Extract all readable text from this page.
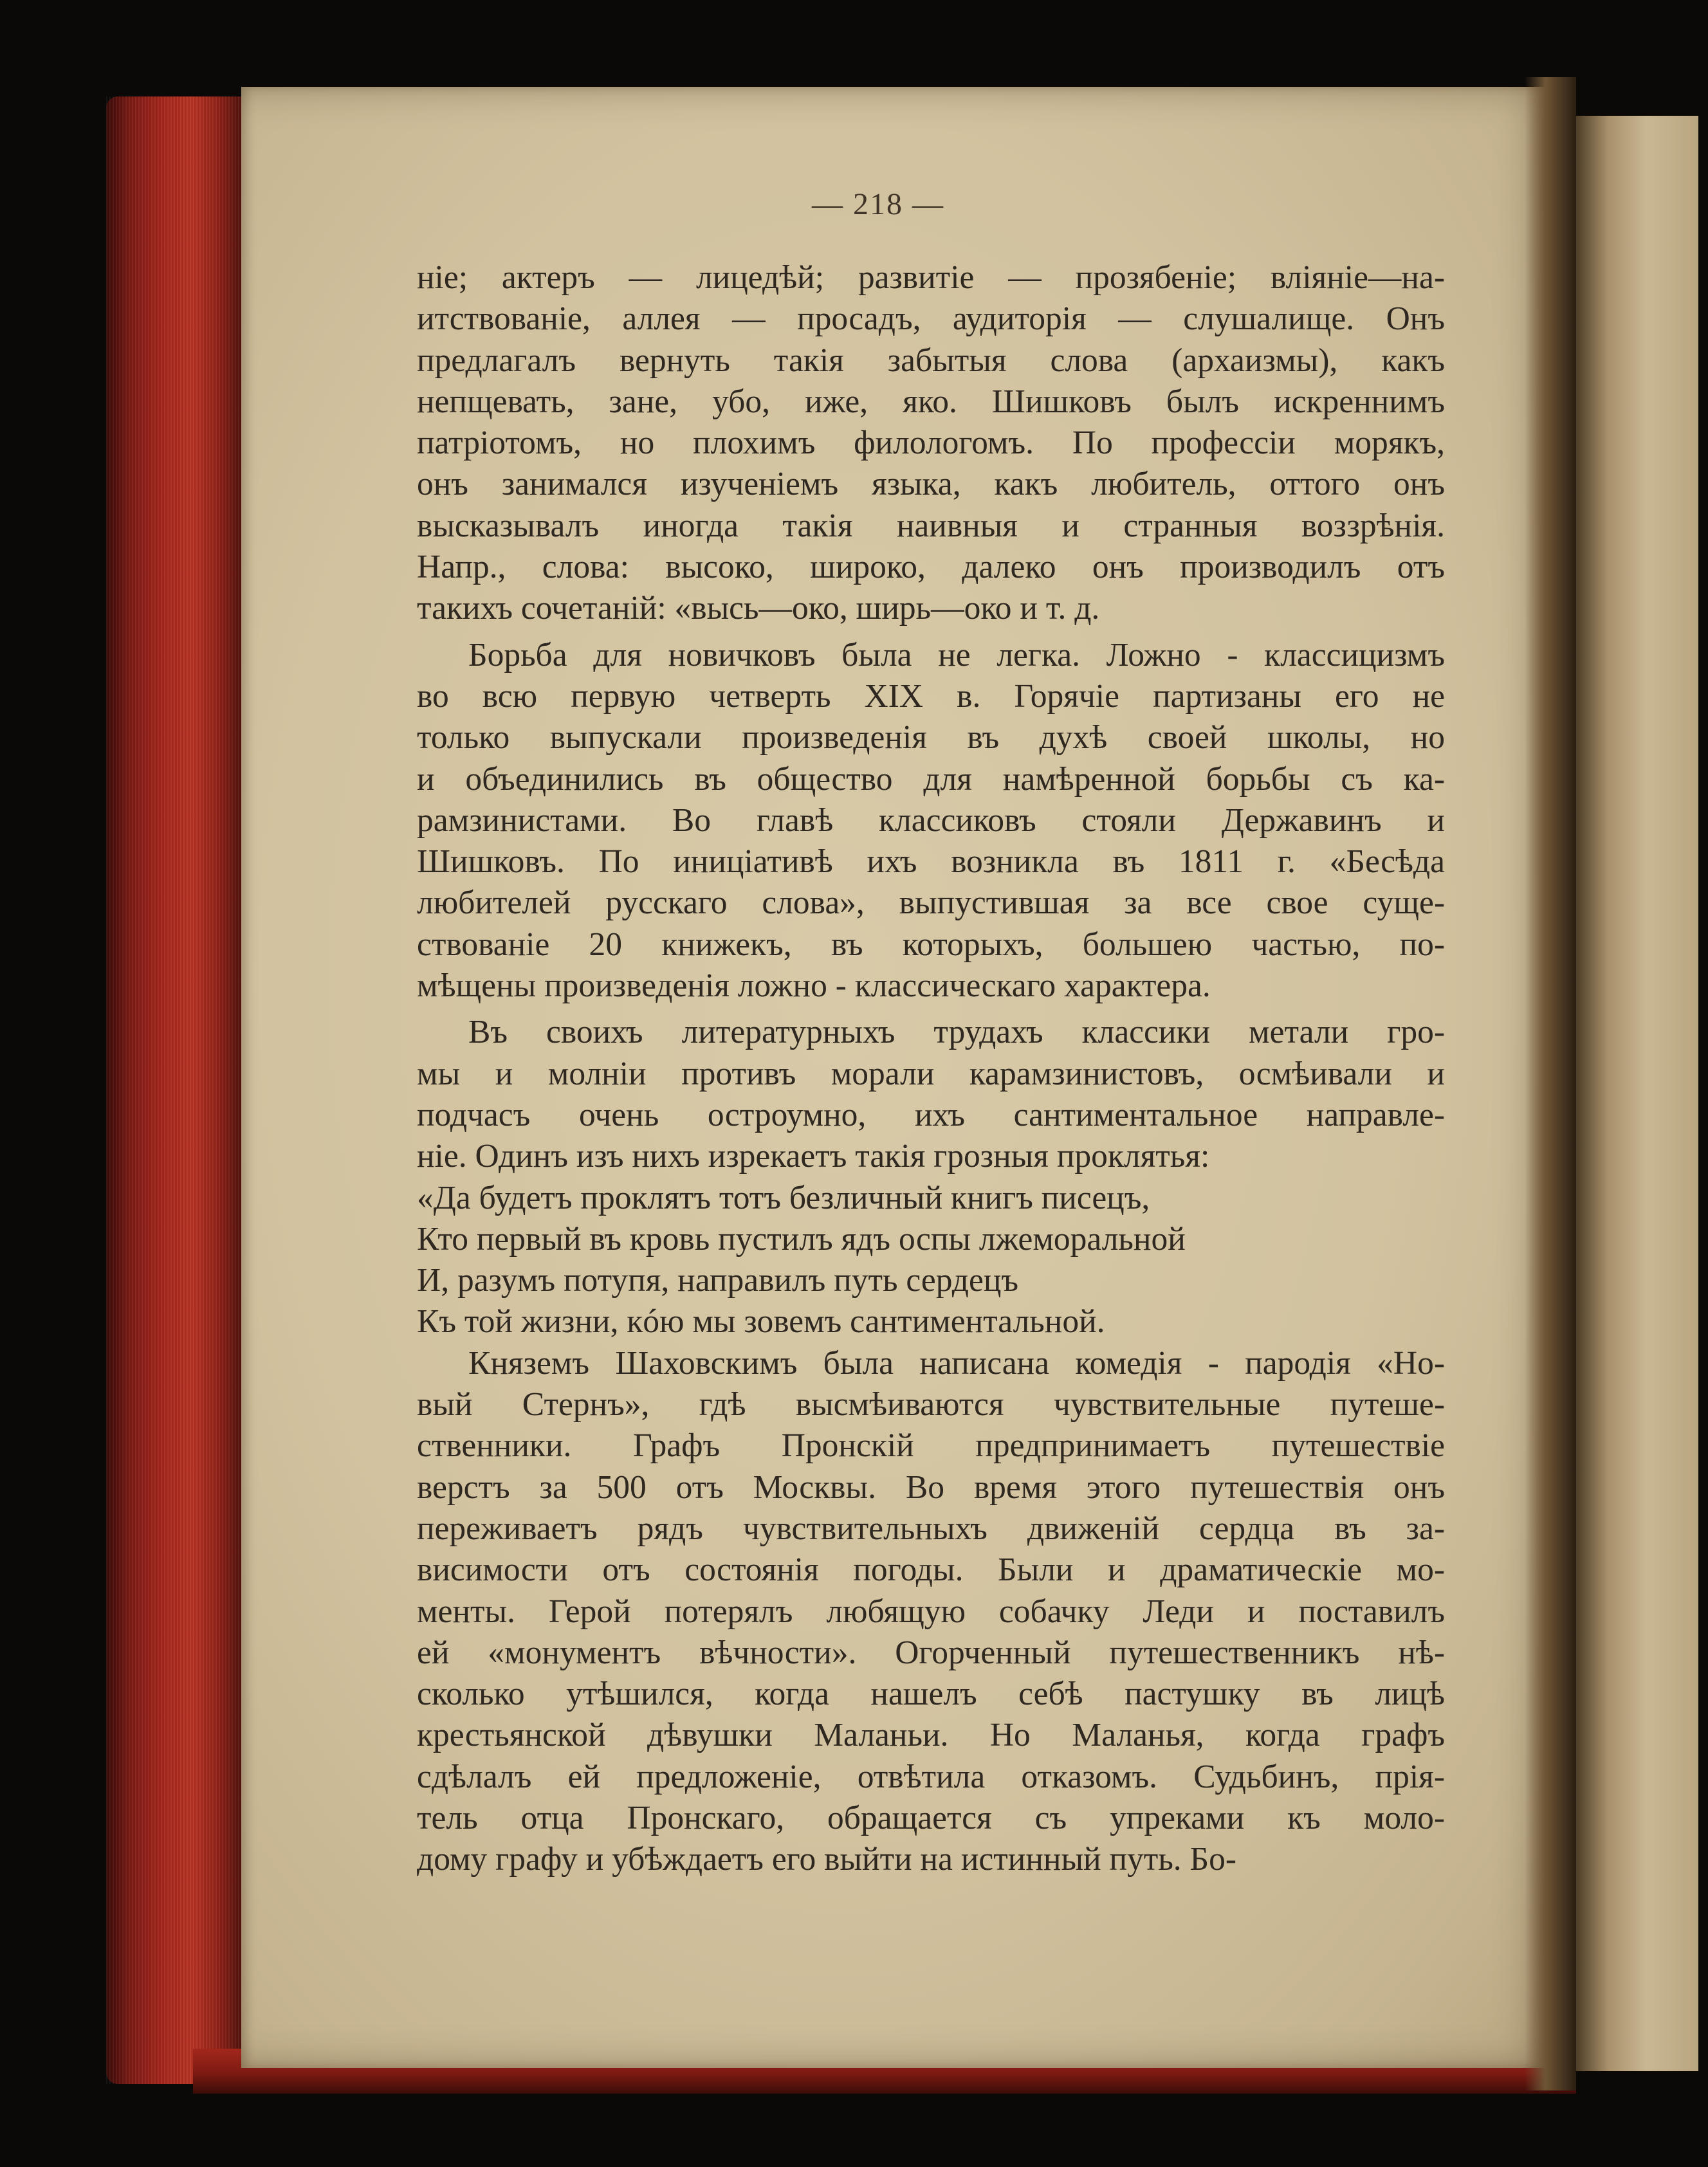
— 218 —
ніе; актеръ — лицедѣй; развитіе — прозябеніе; вліяніе—на-
итствованіе, аллея — просадъ, аудиторія — слушалище. Онъ
предлагалъ вернуть такія забытыя слова (архаизмы), какъ
непщевать, зане, убо, иже, яко. Шишковъ былъ искреннимъ
патріотомъ, но плохимъ филологомъ. По профессіи морякъ,
онъ занимался изученіемъ языка, какъ любитель, оттого онъ
высказывалъ иногда такія наивныя и странныя воззрѣнія.
Напр., слова: высоко, широко, далеко онъ производилъ отъ
такихъ сочетаній: «высь—око, ширь—око и т. д.
Борьба для новичковъ была не легка. Ложно - классицизмъ
во всю первую четверть XIX в. Горячіе партизаны его не
только выпускали произведенія въ духѣ своей школы, но
и объединились въ общество для намѣренной борьбы съ ка-
рамзинистами. Во главѣ классиковъ стояли Державинъ и
Шишковъ. По иниціативѣ ихъ возникла въ 1811 г. «Бесѣда
любителей русскаго слова», выпустившая за все свое суще-
ствованіе 20 книжекъ, въ которыхъ, большею частью, по-
мѣщены произведенія ложно - классическаго характера.
Въ своихъ литературныхъ трудахъ классики метали гро-
мы и молніи противъ морали карамзинистовъ, осмѣивали и
подчасъ очень остроумно, ихъ сантиментальное направле-
ніе. Одинъ изъ нихъ изрекаетъ такія грозныя проклятья:
«Да будетъ проклятъ тотъ безличный книгъ писецъ,
Кто первый въ кровь пустилъ ядъ оспы лжеморальной
И, разумъ потупя, направилъ путь сердецъ
Къ той жизни, кóю мы зовемъ сантиментальной.
Княземъ Шаховскимъ была написана комедія - пародія «Но-
вый Стернъ», гдѣ высмѣиваются чувствительные путеше-
ственники. Графъ Пронскій предпринимаетъ путешествіе
верстъ за 500 отъ Москвы. Во время этого путешествія онъ
переживаетъ рядъ чувствительныхъ движеній сердца въ за-
висимости отъ состоянія погоды. Были и драматическіе мо-
менты. Герой потерялъ любящую собачку Леди и поставилъ
ей «монументъ вѣчности». Огорченный путешественникъ нѣ-
сколько утѣшился, когда нашелъ себѣ пастушку въ лицѣ
крестьянской дѣвушки Маланьи. Но Маланья, когда графъ
сдѣлалъ ей предложеніе, отвѣтила отказомъ. Судьбинъ, прія-
тель отца Пронскаго, обращается съ упреками къ моло-
дому графу и убѣждаетъ его выйти на истинный путь. Бо-
